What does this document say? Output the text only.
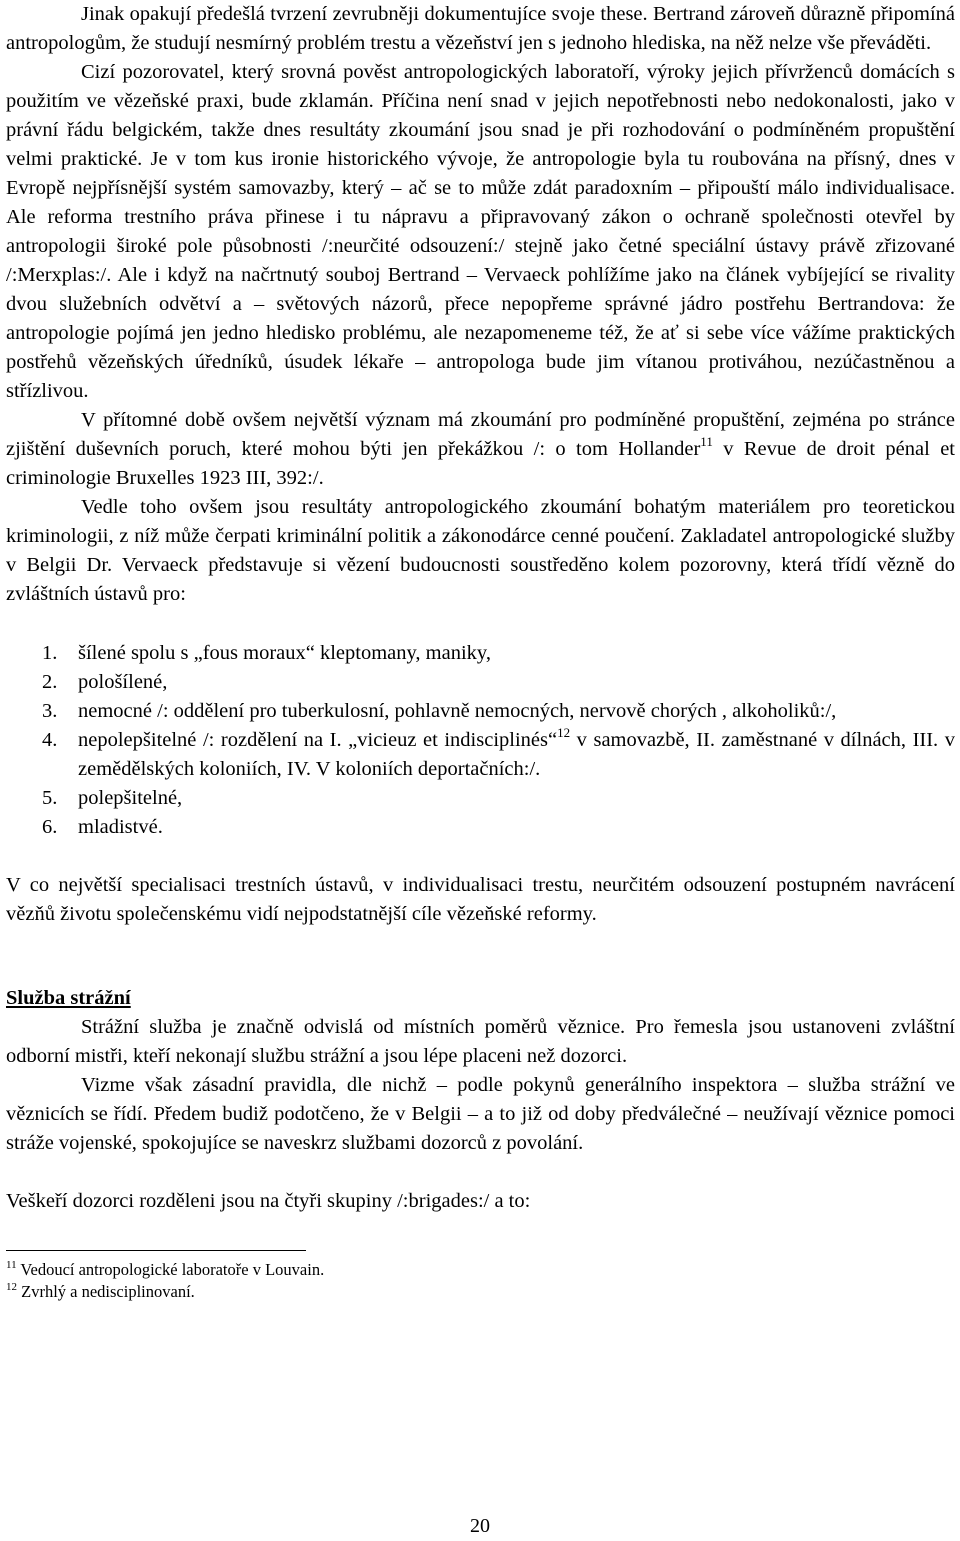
Jinak opakují předešlá tvrzení zevrubněji dokumentujíce svoje these. Bertrand zároveň důrazně připomíná antropologům, že studují nesmírný problém trestu a vězeňství jen s jednoho hlediska, na něž nelze vše převáděti.

Cizí pozorovatel, který srovná pověst antropologických laboratoří, výroky jejich přívrženců domácích s použitím ve vězeňské praxi, bude zklamán. Příčina není snad v jejich nepotřebnosti nebo nedokonalosti, jako v právní řádu belgickém, takže dnes resultáty zkoumání jsou snad je při rozhodování o podmíněném propuštění velmi praktické. Je v tom kus ironie historického vývoje, že antropologie byla tu roubována na přísný, dnes v Evropě nejpřísnější systém samovazby, který – ač se to může zdát paradoxním – připouští málo individualisace. Ale reforma trestního práva přinese i tu nápravu a připravovaný zákon o ochraně společnosti otevřel by antropologii široké pole působnosti /:neurčité odsouzení:/ stejně jako četné speciální ústavy právě zřizované /:Merxplas:/. Ale i když na načrtnutý souboj Bertrand – Vervaeck pohlížíme jako na článek vybíjející se rivality dvou služebních odvětví a – světových názorů, přece nepopřeme správné jádro postřehu Bertrandova: že antropologie pojímá jen jedno hledisko problému, ale nezapomeneme též, že ať si sebe více vážíme praktických postřehů vězeňských úředníků, úsudek lékaře – antropologa bude jim vítanou protiváhou, nezúčastněnou a střízlivou.

V přítomné době ovšem největší význam má zkoumání pro podmíněné propuštění, zejména po stránce zjištění duševních poruch, které mohou býti jen překážkou /: o tom Hollander$^{11}$ v Revue de droit pénal et criminologie Bruxelles 1923 III, 392:/.

Vedle toho ovšem jsou resultáty antropologického zkoumání bohatým materiálem pro teoretickou kriminologii, z níž může čerpati kriminální politik a zákonodárce cenné poučení. Zakladatel antropologické služby v Belgii Dr. Vervaeck představuje si vězení budoucnosti soustředěno kolem pozorovny, která třídí vězně do zvláštních ústavů pro:

1.	šílené spolu s „fous moraux“ kleptomany, maniky,
2.	pološílené,
3.	nemocné /: oddělení pro tuberkulosní, pohlavně nemocných, nervově chorých , alkoholiků:/,
4.	nepolepšitelné /: rozdělení na I. „vicieuz et indisciplinés“$^{12}$ v samovazbě, II. zaměstnané v dílnách, III. v zemědělských koloniích, IV. V koloniích deportačních:/.
5.	polepšitelné,
6.	mladistvé.

V co největší specialisaci trestních ústavů, v individualisaci trestu, neurčitém odsouzení postupném navrácení vězňů životu společenskému vidí nejpodstatnější cíle vězeňské reformy.

Služba strážní

Strážní služba je značně odvislá od místních poměrů věznice. Pro řemesla jsou ustanoveni zvláštní odborní mistři, kteří nekonají službu strážní a jsou lépe placeni než dozorci.

Vizme však zásadní pravidla, dle nichž – podle pokynů generálního inspektora – služba strážní ve věznicích se řídí. Předem budiž podotčeno, že v Belgii – a to již od doby předválečné – neužívají věznice pomoci stráže vojenské, spokojujíce se naveskrz službami dozorců z povolání.

Veškeří dozorci rozděleni jsou na čtyři skupiny /:brigades:/ a to:

$^{11}$ Vedoucí antropologické laboratoře v Louvain.
$^{12}$ Zvrhlý a nedisciplinovaní.
20
